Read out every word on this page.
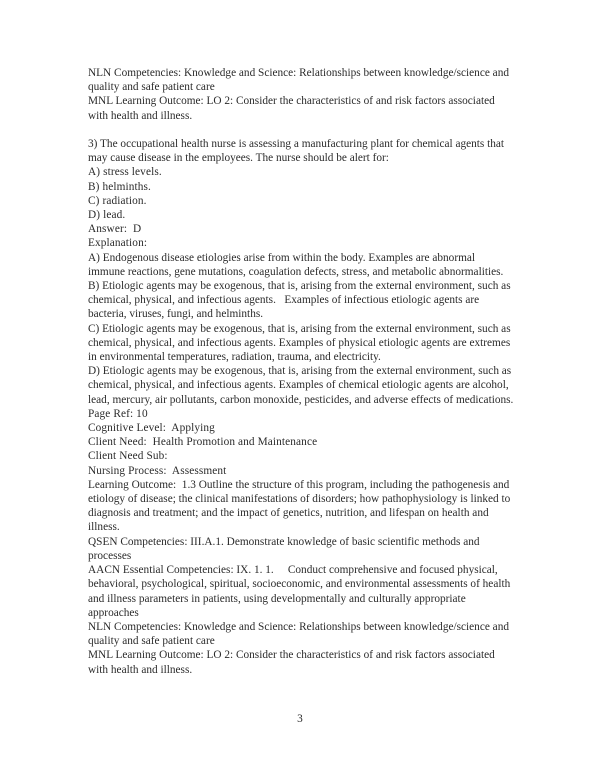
NLN Competencies: Knowledge and Science: Relationships between knowledge/science and quality and safe patient care

MNL Learning Outcome: LO 2: Consider the characteristics of and risk factors associated with health and illness.

3) The occupational health nurse is assessing a manufacturing plant for chemical agents that may cause disease in the employees. The nurse should be alert for:

A) stress levels.

B) helminths.

C) radiation.

D) lead.

Answer:  D

Explanation:

A) Endogenous disease etiologies arise from within the body. Examples are abnormal immune reactions, gene mutations, coagulation defects, stress, and metabolic abnormalities.

B) Etiologic agents may be exogenous, that is, arising from the external environment, such as chemical, physical, and infectious agents.   Examples of infectious etiologic agents are bacteria, viruses, fungi, and helminths.

C) Etiologic agents may be exogenous, that is, arising from the external environment, such as chemical, physical, and infectious agents. Examples of physical etiologic agents are extremes in environmental temperatures, radiation, trauma, and electricity.

D) Etiologic agents may be exogenous, that is, arising from the external environment, such as chemical, physical, and infectious agents. Examples of chemical etiologic agents are alcohol, lead, mercury, air pollutants, carbon monoxide, pesticides, and adverse effects of medications.

Page Ref: 10

Cognitive Level:  Applying

Client Need:  Health Promotion and Maintenance

Client Need Sub:

Nursing Process:  Assessment

Learning Outcome:  1.3 Outline the structure of this program, including the pathogenesis and etiology of disease; the clinical manifestations of disorders; how pathophysiology is linked to diagnosis and treatment; and the impact of genetics, nutrition, and lifespan on health and illness.

QSEN Competencies: III.A.1. Demonstrate knowledge of basic scientific methods and processes

AACN Essential Competencies: IX. 1. 1.     Conduct comprehensive and focused physical, behavioral, psychological, spiritual, socioeconomic, and environmental assessments of health and illness parameters in patients, using developmentally and culturally appropriate approaches

NLN Competencies: Knowledge and Science: Relationships between knowledge/science and quality and safe patient care

MNL Learning Outcome: LO 2: Consider the characteristics of and risk factors associated with health and illness.

3
